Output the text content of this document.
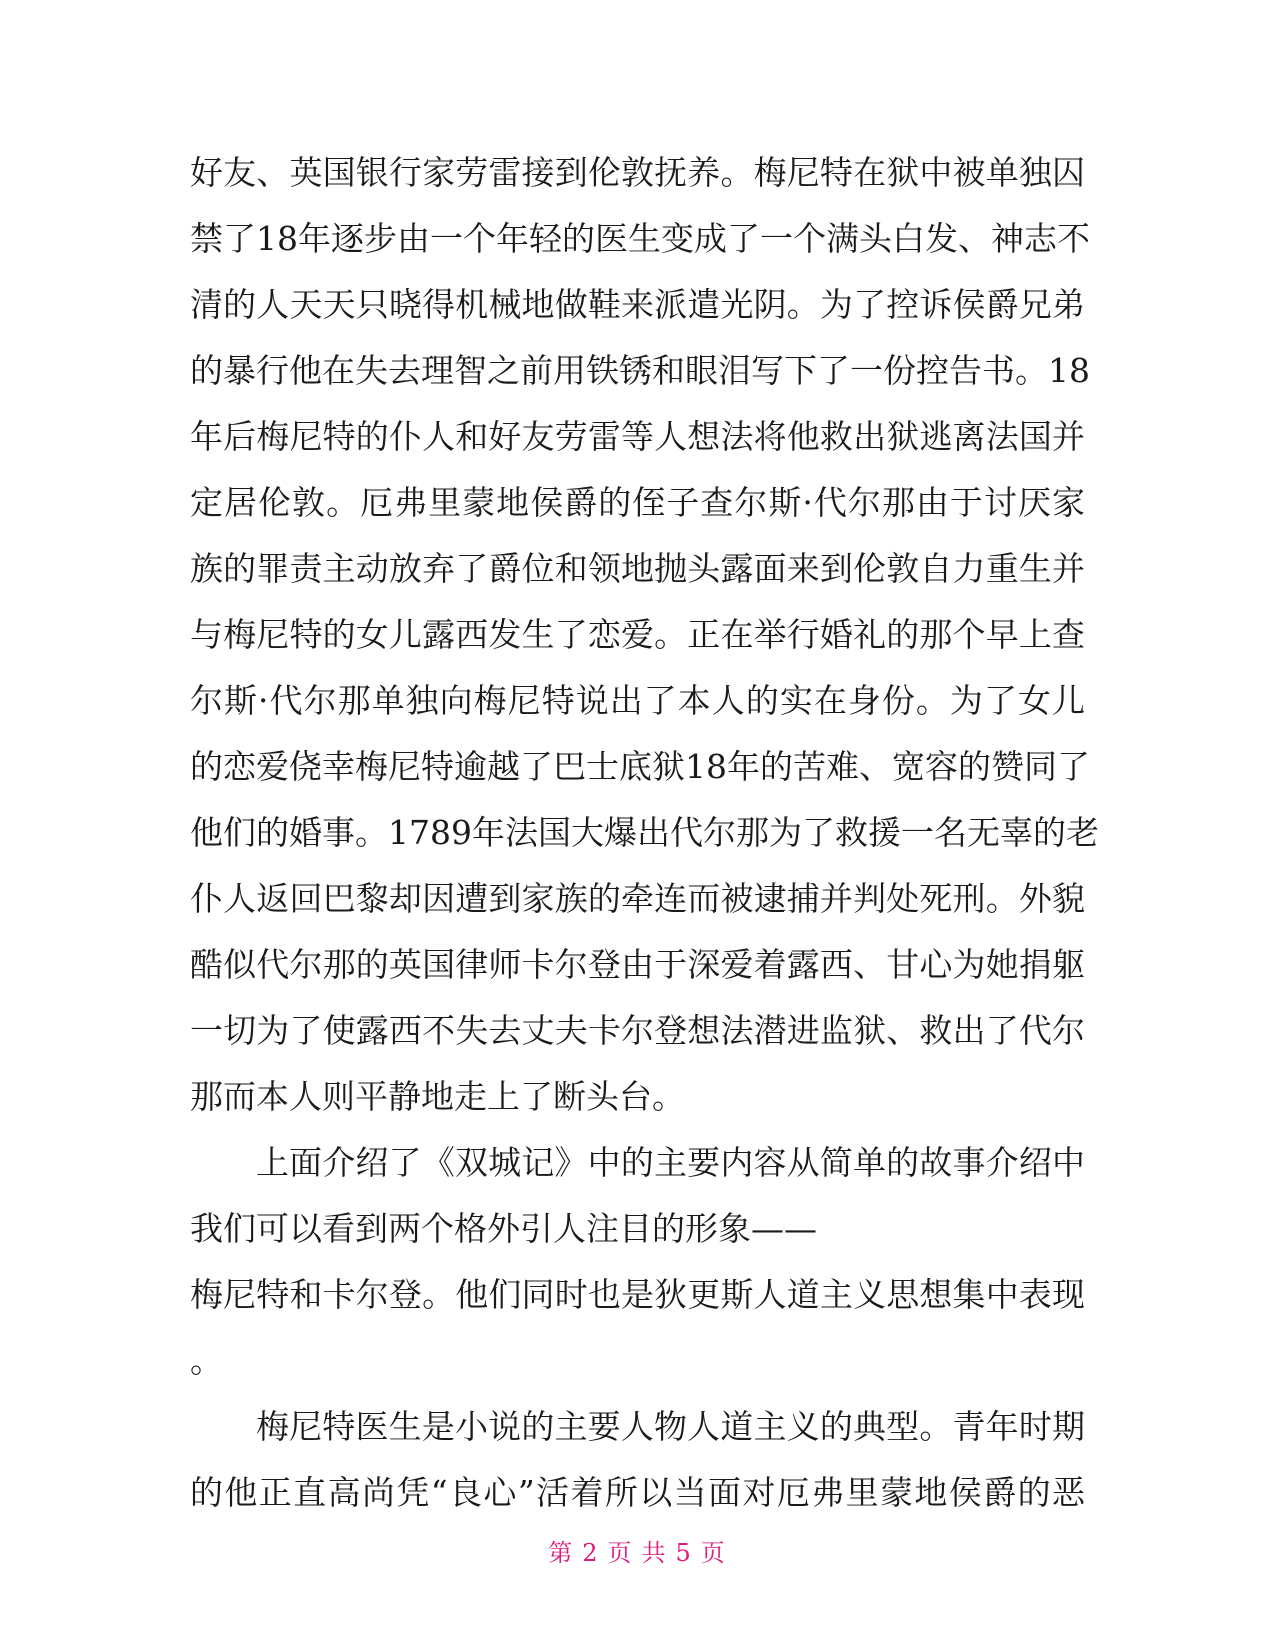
好友、英国银行家劳雷接到伦敦抚养。梅尼特在狱中被单独囚
禁了18年逐步由一个年轻的医生变成了一个满头白发、神志不
清的人天天只晓得机械地做鞋来派遣光阴。为了控诉侯爵兄弟
的暴行他在失去理智之前用铁锈和眼泪写下了一份控告书。18
年后梅尼特的仆人和好友劳雷等人想法将他救出狱逃离法国并
定居伦敦。厄弗里蒙地侯爵的侄子查尔斯·代尔那由于讨厌家
族的罪责主动放弃了爵位和领地抛头露面来到伦敦自力重生并
与梅尼特的女儿露西发生了恋爱。正在举行婚礼的那个早上查
尔斯·代尔那单独向梅尼特说出了本人的实在身份。为了女儿
的恋爱侥幸梅尼特逾越了巴士底狱18年的苦难、宽容的赞同了
他们的婚事。1789年法国大爆出代尔那为了救援一名无辜的老
仆人返回巴黎却因遭到家族的牵连而被逮捕并判处死刑。外貌
酷似代尔那的英国律师卡尔登由于深爱着露西、甘心为她捐躯
一切为了使露西不失去丈夫卡尔登想法潜进监狱、救出了代尔
那而本人则平静地走上了断头台。
上面介绍了《双城记》中的主要内容从简单的故事介绍中
我们可以看到两个格外引人注目的形象——
梅尼特和卡尔登。他们同时也是狄更斯人道主义思想集中表现
。
梅尼特医生是小说的主要人物人道主义的典型。青年时期
的他正直高尚凭“良心”活着所以当面对厄弗里蒙地侯爵的恶
第 2 页 共 5 页
